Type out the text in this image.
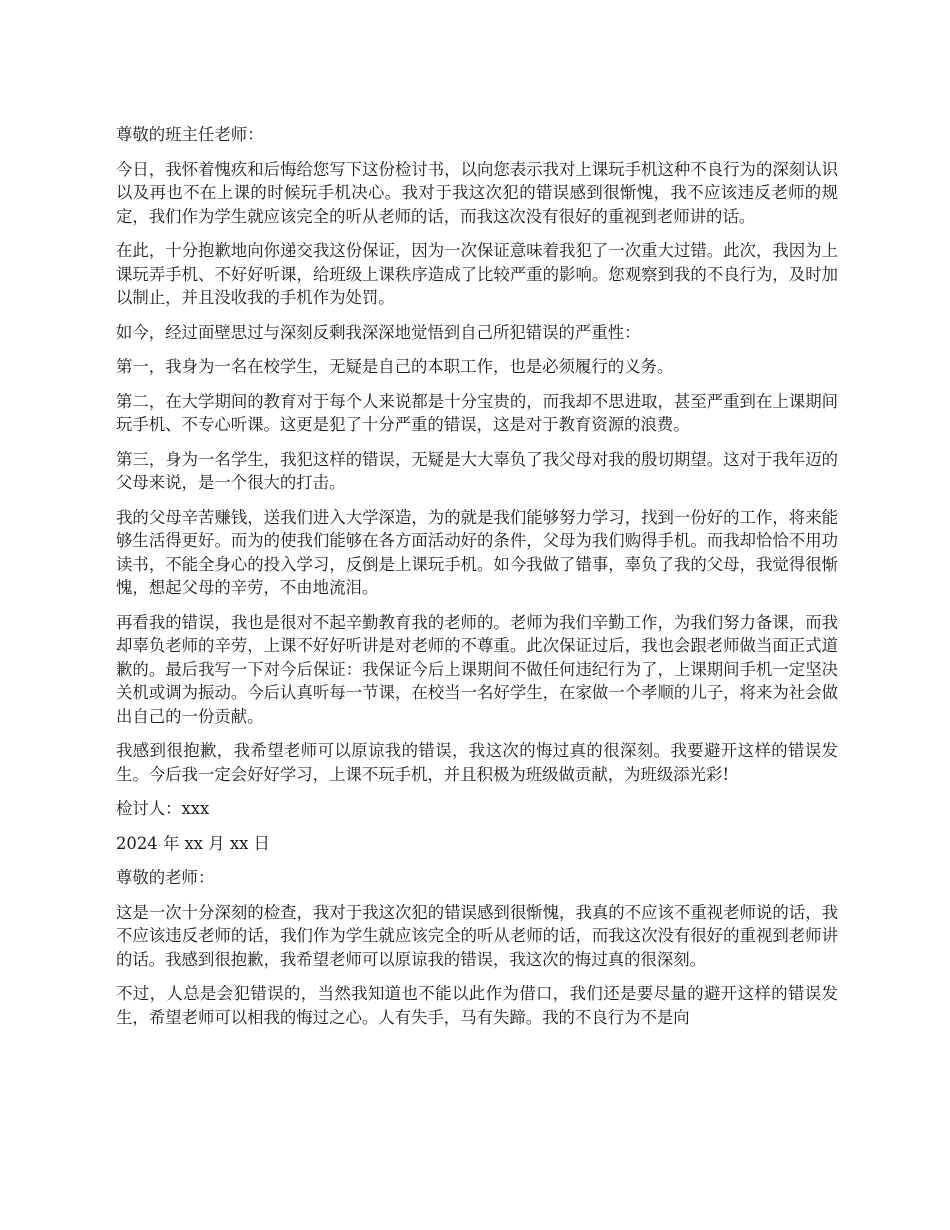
尊敬的班主任老师：

今日，我怀着愧疚和后悔给您写下这份检讨书，以向您表示我对上课玩手机这种不良行为的深刻认识以及再也不在上课的时候玩手机决心。我对于我这次犯的错误感到很惭愧，我不应该违反老师的规定，我们作为学生就应该完全的听从老师的话，而我这次没有很好的重视到老师讲的话。

在此，十分抱歉地向你递交我这份保证，因为一次保证意味着我犯了一次重大过错。此次，我因为上课玩弄手机、不好好听课，给班级上课秩序造成了比较严重的影响。您观察到我的不良行为，及时加以制止，并且没收我的手机作为处罚。

如今，经过面壁思过与深刻反剩我深深地觉悟到自己所犯错误的严重性：

第一，我身为一名在校学生，无疑是自己的本职工作，也是必须履行的义务。

第二，在大学期间的教育对于每个人来说都是十分宝贵的，而我却不思进取，甚至严重到在上课期间玩手机、不专心听课。这更是犯了十分严重的错误，这是对于教育资源的浪费。

第三，身为一名学生，我犯这样的错误，无疑是大大辜负了我父母对我的殷切期望。这对于我年迈的父母来说，是一个很大的打击。

我的父母辛苦赚钱，送我们进入大学深造，为的就是我们能够努力学习，找到一份好的工作，将来能够生活得更好。而为的使我们能够在各方面活动好的条件，父母为我们购得手机。而我却恰恰不用功读书，不能全身心的投入学习，反倒是上课玩手机。如今我做了错事，辜负了我的父母，我觉得很惭愧，想起父母的辛劳，不由地流泪。

再看我的错误，我也是很对不起辛勤教育我的老师的。老师为我们辛勤工作，为我们努力备课，而我却辜负老师的辛劳，上课不好好听讲是对老师的不尊重。此次保证过后，我也会跟老师做当面正式道歉的。最后我写一下对今后保证：我保证今后上课期间不做任何违纪行为了，上课期间手机一定坚决关机或调为振动。今后认真听每一节课，在校当一名好学生，在家做一个孝顺的儿子，将来为社会做出自己的一份贡献。

我感到很抱歉，我希望老师可以原谅我的错误，我这次的悔过真的很深刻。我要避开这样的错误发生。今后我一定会好好学习，上课不玩手机，并且积极为班级做贡献，为班级添光彩!

检讨人：xxx

2024 年 xx 月 xx 日

尊敬的老师：

这是一次十分深刻的检查，我对于我这次犯的错误感到很惭愧，我真的不应该不重视老师说的话，我不应该违反老师的话，我们作为学生就应该完全的听从老师的话，而我这次没有很好的重视到老师讲的话。我感到很抱歉，我希望老师可以原谅我的错误，我这次的悔过真的很深刻。

不过，人总是会犯错误的，当然我知道也不能以此作为借口，我们还是要尽量的避开这样的错误发生，希望老师可以相我的悔过之心。人有失手，马有失蹄。我的不良行为不是向
